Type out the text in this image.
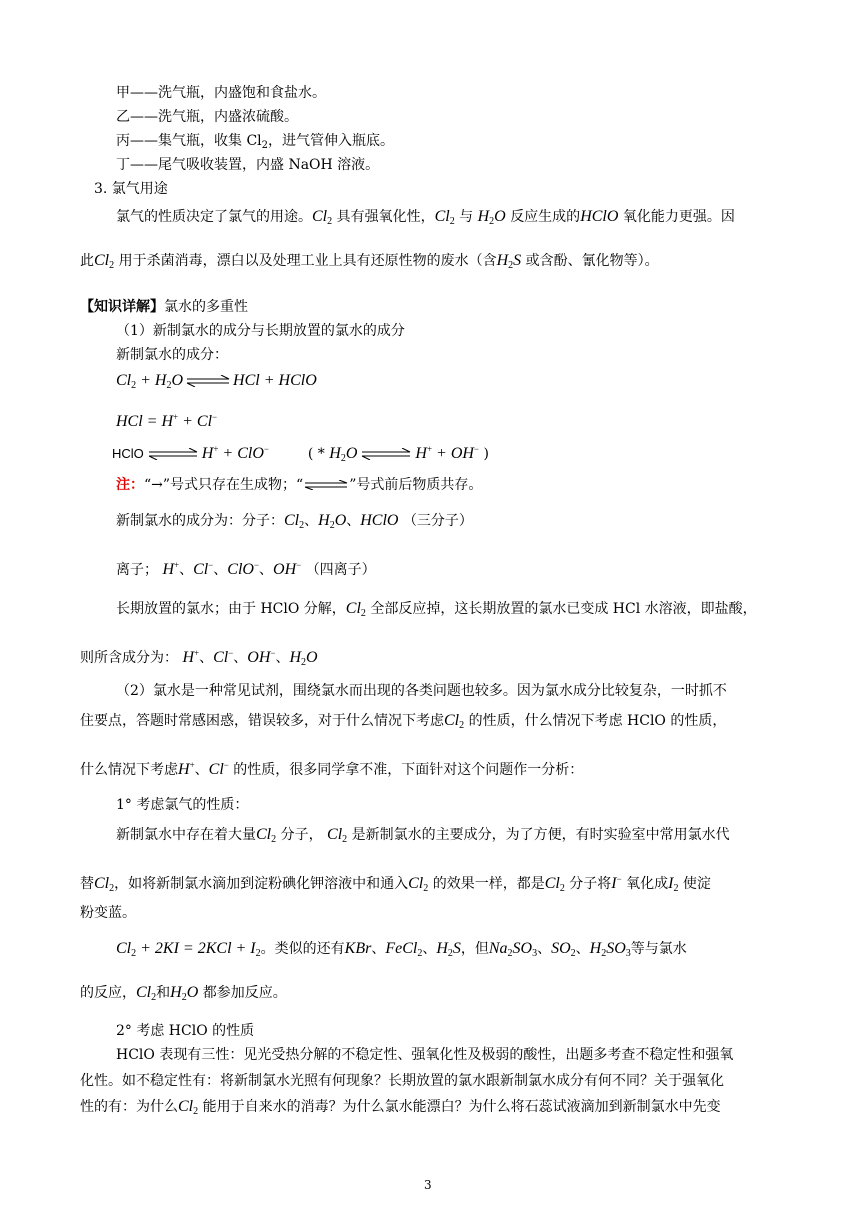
甲——洗气瓶，内盛饱和食盐水。
乙——洗气瓶，内盛浓硫酸。
丙——集气瓶，收集 $Cl_2$，进气管伸入瓶底。
丁——尾气吸收装置，内盛 NaOH 溶液。
3. 氯气用途
氯气的性质决定了氯气的用途。Cl2 具有强氧化性，Cl2 与 H2O 反应生成的HClO 氧化能力更强。因
此Cl2 用于杀菌消毒，漂白以及处理工业上具有还原性物的废水（含H2S 或含酚、氰化物等）。
【知识详解】氯水的多重性
（1）新制氯水的成分与长期放置的氯水的成分
新制氯水的成分：
Cl2 + H2O ⇌ HCl + HClO
HCl = H+ + Cl−
HClO ⇌ H+ + ClO−	( * H2O ⇌ H+ + OH− )
注：“→”号式只存在生成物；“⇌”号式前后物质共存。
新制氯水的成分为：分子：Cl2、H2O、HClO （三分子）
离子； H+、Cl−、ClO−、OH− （四离子）
长期放置的氯水；由于 HClO 分解，Cl2 全部反应掉，这长期放置的氯水已变成 HCl 水溶液，即盐酸，
则所含成分为： H+、Cl−、OH−、H2O
（2）氯水是一种常见试剂，围绕氯水而出现的各类问题也较多。因为氯水成分比较复杂，一时抓不
住要点，答题时常感困惑，错误较多，对于什么情况下考虑Cl2 的性质，什么情况下考虑 HClO 的性质，
什么情况下考虑H+、Cl− 的性质，很多同学拿不准，下面针对这个问题作一分析：
1° 考虑氯气的性质：
新制氯水中存在着大量Cl2 分子， Cl2 是新制氯水的主要成分，为了方便，有时实验室中常用氯水代
替Cl2，如将新制氯水滴加到淀粉碘化钾溶液中和通入Cl2 的效果一样，都是Cl2 分子将I− 氧化成I2 使淀
粉变蓝。
Cl2 + 2KI = 2KCl + I2。类似的还有KBr、FeCl2、H2S，但Na2SO3、SO2、H2SO3等与氯水
的反应，Cl2和H2O 都参加反应。
2° 考虑 HClO 的性质
HClO 表现有三性：见光受热分解的不稳定性、强氧化性及极弱的酸性，出题多考查不稳定性和强氧
化性。如不稳定性有：将新制氯水光照有何现象？长期放置的氯水跟新制氯水成分有何不同？关于强氧化
性的有：为什么Cl2 能用于自来水的消毒？为什么氯水能漂白？为什么将石蕊试液滴加到新制氯水中先变
3
